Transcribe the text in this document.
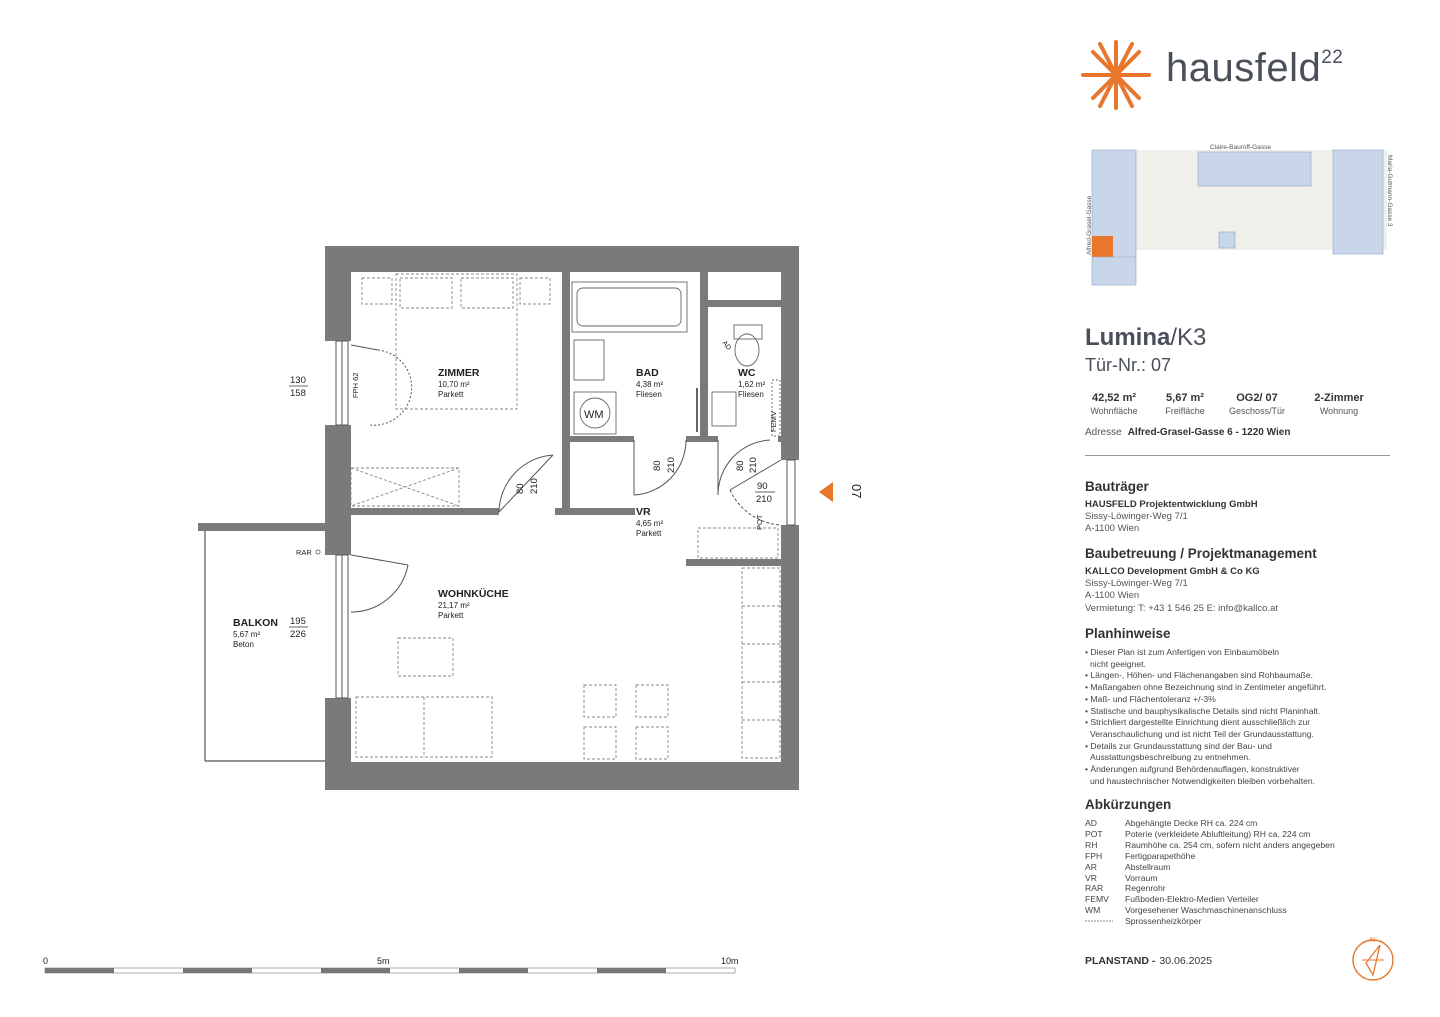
ZIMMER
10,70 m²
Parkett
BAD
4,38 m²
Fliesen
WC
1,62 m²
Fliesen
VR
4,65 m²
Parkett
WOHNKÜCHE
21,17 m²
Parkett
BALKON
5,67 m²
Beton
130
158
195
226
80 210
80 210	80 210
90
210
FPH 62
WM	FEMV
POT
RAR
AD
07
0	5m	10m
Claire-Bauroff-Gasse
Alfred-Grasel-Gasse	Maria-Gutmann-Gasse 3
hausfeld$^{22}$
Lumina/K3
Tür-Nr.: 07
42,52 m²
Wohnfläche
5,67 m²
Freifläche
OG2/ 07
Geschoss/Tür
2-Zimmer
Wohnung
Adresse Alfred-Grasel-Gasse 6 - 1220 Wien
Bauträger
HAUSFELD Projektentwicklung GmbH
Sissy-Löwinger-Weg 7/1
A-1100 Wien
Baubetreuung / Projektmanagement
KALLCO Development GmbH & Co KG
Sissy-Löwinger-Weg 7/1
A-1100 Wien
Vermietung: T: +43 1 546 25 E: info@kallco.at
Planhinweise
• Dieser Plan ist zum Anfertigen von Einbaumöbeln
nicht geeignet.
• Längen-, Höhen- und Flächenangaben sind Rohbaumaße.
• Maßangaben ohne Bezeichnung sind in Zentimeter angeführt.
• Maß- und Flächentoleranz +/-3%
• Statische und bauphysikalische Details sind nicht Planinhalt.
• Strichliert dargestellte Einrichtung dient ausschließlich zur
Veranschaulichung und ist nicht Teil der Grundausstattung.
• Details zur Grundausstattung sind der Bau- und
Ausstattungsbeschreibung zu entnehmen.
• Änderungen aufgrund Behördenauflagen, konstruktiver
und haustechnischer Notwendigkeiten bleiben vorbehalten.
Abkürzungen
AD	Abgehängte Decke RH ca. 224 cm
POT	Poterie (verkleidete Abluftleitung) RH ca. 224 cm
RH	Raumhöhe ca. 254 cm, sofern nicht anders angegeben
FPH	Fertigparapethöhe
AR	Abstellraum
VR	Vorraum
RAR	Regenrohr
FEMV	Fußboden-Elektro-Medien Verteiler
WM	Vorgesehener Waschmaschinenanschluss
Sprossenheizkörper
PLANSTAND - 30.06.2025
N
